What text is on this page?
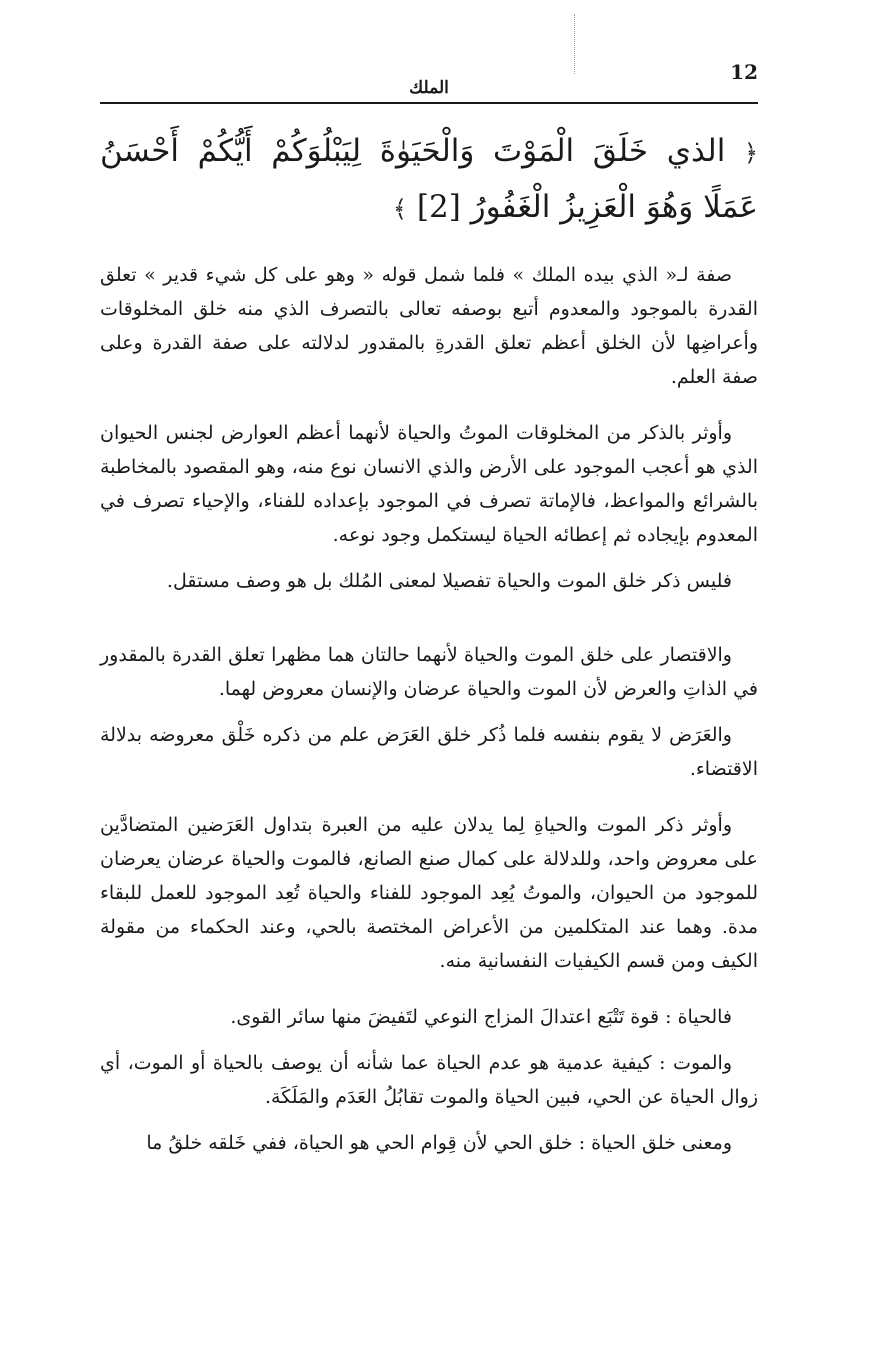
12
الملك
﴿ الذي خَلَقَ الْمَوْتَ وَالْحَيَوٰةَ لِيَبْلُوَكُمْ أَيُّكُمْ أَحْسَنُ عَمَلًا وَهُوَ الْعَزِيزُ الْغَفُورُ [2] ﴾

صفة لـ« الذي بيده الملك » فلما شمل قوله « وهو على كل شيء قدير » تعلق القدرة بالموجود والمعدوم أتبع بوصفه تعالى بالتصرف الذي منه خلق المخلوقات وأعراضِها لأن الخلق أعظم تعلق القدرةِ بالمقدور لدلالته على صفة القدرة وعلى صفة العلم.

وأوثر بالذكر من المخلوقات الموتُ والحياة لأنهما أعظم العوارض لجنس الحيوان الذي هو أعجب الموجود على الأرض والذي الانسان نوع منه، وهو المقصود بالمخاطبة بالشرائع والمواعظ، فالإماتة تصرف في الموجود بإعداده للفناء، والإحياء تصرف في المعدوم بإيجاده ثم إعطائه الحياة ليستكمل وجود نوعه.

فليس ذكر خلق الموت والحياة تفصيلا لمعنى المُلك بل هو وصف مستقل.

والاقتصار على خلق الموت والحياة لأنهما حالتان هما مظهرا تعلق القدرة بالمقدور في الذاتِ والعرض لأن الموت والحياة عرضان والإنسان معروض لهما.

والعَرَض لا يقوم بنفسه فلما ذُكر خلق العَرَض علم من ذكره خَلْق معروضه بدلالة الاقتضاء.

وأوثر ذكر الموت والحياةِ لِما يدلان عليه من العبرة بتداول العَرَضين المتضادَّين على معروض واحد، وللدلالة على كمال صنع الصانع، فالموت والحياة عرضان يعرضان للموجود من الحيوان، والموتُ يُعِد الموجود للفناء والحياة تُعِد الموجود للعمل للبقاء مدة. وهما عند المتكلمين من الأعراض المختصة بالحي، وعند الحكماء من مقولة الكيف ومن قسم الكيفيات النفسانية منه.

فالحياة : قوة تَتْبَع اعتدالَ المزاج النوعي لتَفيضَ منها سائر القوى.

والموت : كيفية عدمية هو عدم الحياة عما شأنه أن يوصف بالحياة أو الموت، أي زوال الحياة عن الحي، فبين الحياة والموت تقابُلُ العَدَم والمَلَكَة.

ومعنى خلق الحياة : خلق الحي لأن قِوام الحي هو الحياة، ففي خَلقه خلقُ ما
